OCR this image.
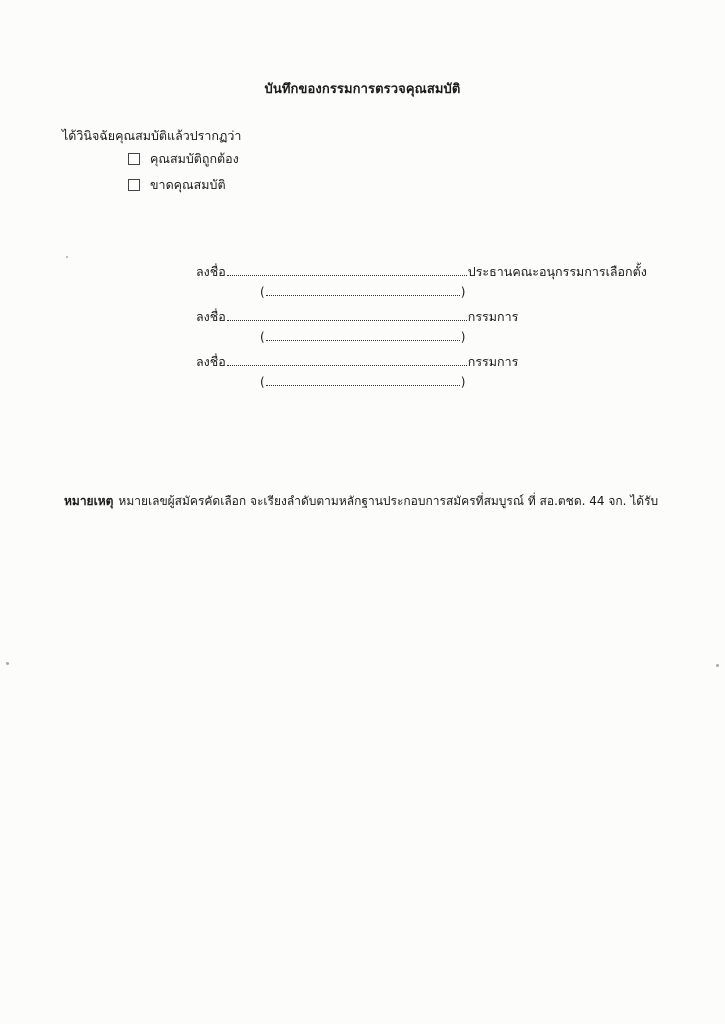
บันทึกของกรรมการตรวจคุณสมบัติ
ได้วินิจฉัยคุณสมบัติแล้วปรากฏว่า
คุณสมบัติถูกต้อง
ขาดคุณสมบัติ
ลงชื่อ	ประธานคณะอนุกรรมการเลือกตั้ง
(	)
ลงชื่อ	กรรมการ
(	)
ลงชื่อ	กรรมการ
(	)
หมายเหตุ หมายเลขผู้สมัครคัดเลือก จะเรียงลำดับตามหลักฐานประกอบการสมัครที่สมบูรณ์ ที่ สอ.ตชด. 44 จก. ได้รับ
